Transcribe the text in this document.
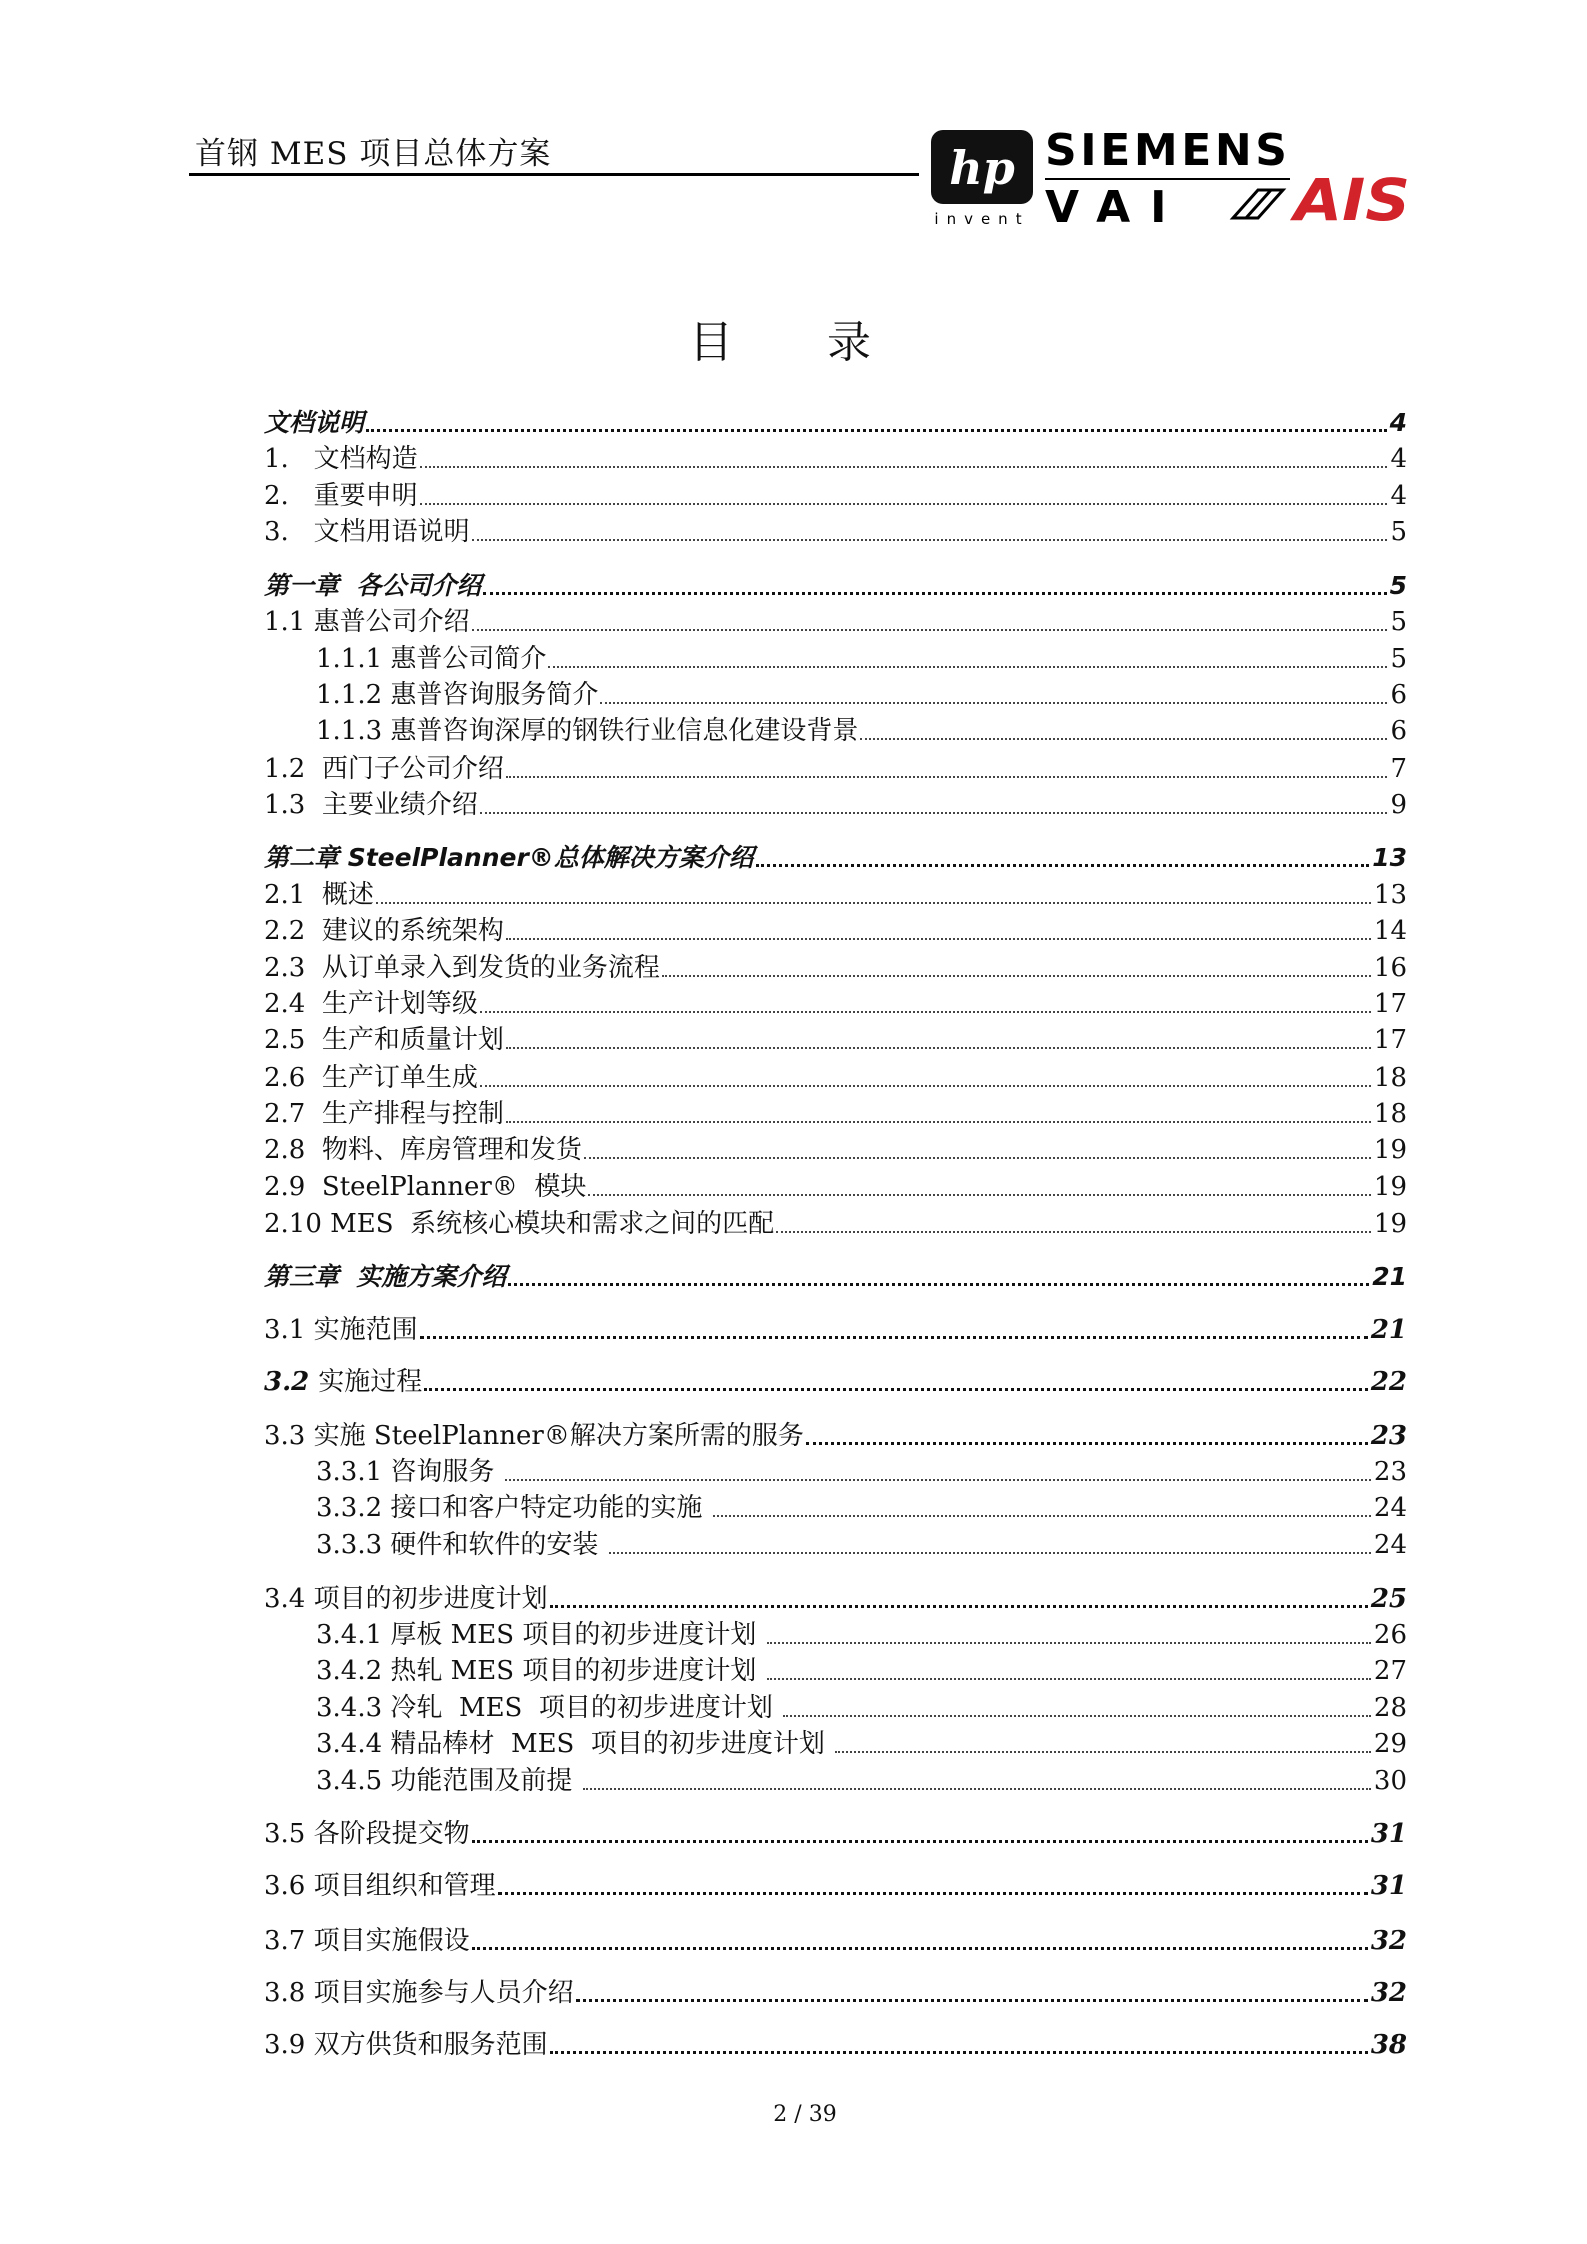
首钢 MES 项目总体方案	hp
invent
SIEMENS
VAI AIS
目 录
文档说明	4
1. 文档构造	4
2. 重要申明	4
3. 文档用语说明	5
第一章  各公司介绍	5
1.1 惠普公司介绍	5
1.1.1 惠普公司简介	5
1.1.2 惠普咨询服务简介	6
1.1.3 惠普咨询深厚的钢铁行业信息化建设背景	6
1.2 西门子公司介绍	7
1.3 主要业绩介绍	9
第二章 SteelPlanner®总体解决方案介绍	13
2.1 概述	13
2.2 建议的系统架构	14
2.3 从订单录入到发货的业务流程	16
2.4 生产计划等级	17
2.5 生产和质量计划	17
2.6 生产订单生成	18
2.7 生产排程与控制	18
2.8 物料、库房管理和发货	19
2.9 SteelPlanner®  模块	19
2.10 MES  系统核心模块和需求之间的匹配	19
第三章  实施方案介绍	21
3.1 实施范围	21
3.2 实施过程	22
3.3 实施 SteelPlanner®解决方案所需的服务	23
3.3.1 咨询服务	23
3.3.2 接口和客户特定功能的实施	24
3.3.3 硬件和软件的安装	24
3.4 项目的初步进度计划	25
3.4.1 厚板 MES 项目的初步进度计划	26
3.4.2 热轧 MES 项目的初步进度计划	27
3.4.3 冷轧  MES  项目的初步进度计划	28
3.4.4 精品棒材  MES  项目的初步进度计划	29
3.4.5 功能范围及前提	30
3.5 各阶段提交物	31
3.6 项目组织和管理	31
3.7 项目实施假设	32
3.8 项目实施参与人员介绍	32
3.9 双方供货和服务范围	38
2 / 39
